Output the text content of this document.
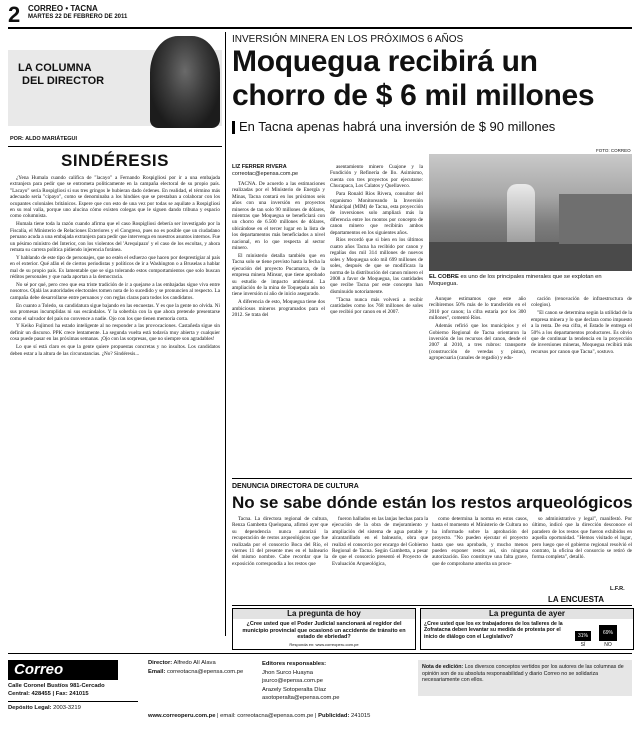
2 CORREO • TACNA
MARTES 22 DE FEBRERO DE 2011
LA COLUMNA
DEL DIRECTOR
POR: ALDO MARIÁTEGUI
SINDÉRESIS

¿Yena Humala cuando califica de "lacayo" a Fernando Rospigliosi por ir a una embajada extranjera para pedir que se entrometa políticamente en la campaña electoral de su propio país. "Lacayo" sería Rospigliosi si sus tres gringos le hubieran dado órdenes. En realidad, el término más adecuado sería "cipayo", como se denominaba a los hindúes que se prestaban a colaborar con los ocupantes coloniales británicos. Espere que con esto de una vez por todas se aquilate a Rospigliosi en su real valía, porque uno alucina cómo existen colegas que le siguen dando tribuna y espacio como columnista.

Humala tiene toda la razón cuando afirma que el caso Rospigliosi debería ser investigado por la Fiscalía, el Ministerio de Relaciones Exteriores y el Congreso, pues no es posible que un ciudadano peruano acuda a una embajada extranjera para pedir que intervenga en nuestros asuntos internos. Fue un pésimo ministro del Interior, con los violentos del 'Arequipazo' y el caso de los escoltas, y ahora remata su carrera política pidiendo injerencia foránea.

Y hablando de este tipo de personajes, que no estén el esfuerzo que hacen por desprestigiar al país en el exterior. Qué afán el de ciertos periodistas y políticos de ir a Washington o a Bruselas a hablar mal de su propio país. Es lamentable que se siga tolerando estos comportamientos que solo buscan réditos personales y que nada aportan a la democracia.

No sé por qué, pero creo que esa triste tradición de ir a quejarse a las embajadas sigue viva entre nosotros. Ojalá las autoridades electorales tomen nota de lo sucedido y se pronuncien al respecto. La campaña debe desarrollarse entre peruanos y con reglas claras para todos los candidatos.

En cuanto a Toledo, su candidatura sigue bajando en las encuestas. Y es que la gente no olvida. Ni sus promesas incumplidas ni sus escándalos. Y la soberbia con la que ahora pretende presentarse como el salvador del país no convence a nadie. Ojo con los que tienen memoria corta.

Y Keiko Fujimori ha estado inteligente al no responder a las provocaciones. Castañeda sigue sin definir un discurso. PPK crece lentamente. La segunda vuelta está todavía muy abierta y cualquier cosa puede pasar en las próximas semanas. ¡Ojo con las sorpresas, que no siempre son agradables!

Lo que sí está claro es que la gente quiere propuestas concretas y no insultos. Los candidatos deben estar a la altura de las circunstancias. ¿No? Sindéresis...

INVERSIÓN MINERA EN LOS PRÓXIMOS 6 AÑOS
Moquegua recibirá un
chorro de $ 6 mil millones
En Tacna apenas habrá una inversión de $ 90 millones
LIZ FERRER RIVERA
correotac@epensa.com.pe

TACNA. De acuerdo a las estimaciones realizadas por el Ministerio de Energía y Minas, Tacna contará en los próximos seis años con una inversión en proyectos mineros de tan solo 90 millones de dólares, mientras que Moquegua se beneficiará con un chorro de 6.500 millones de dólares, ubicándose en el tercer lugar en la lista de los departamentos más beneficiados a nivel nacional, en lo que respecta al sector minero.

El ministerio detalla también que en Tacna solo se tiene previsto hasta la fecha la ejecución del proyecto Pucamarca, de la empresa minera Minsur, que tiene aprobado su estudio de impacto ambiental. La ampliación de la mina de Toquepala aún no tiene inversión ni año de inicio asegurado.

A diferencia de esto, Moquegua tiene dos ambiciosos mineros programados para el 2012. Se trata del

asentamiento minero Cuajone y la Fundición y Refinería de Ilo. Asimismo, cuenta con tres proyectos por ejecutarse: Chucapaca, Los Calatos y Quellaveco.

Para Ronald Ríos Rivera, consultor del organismo Monitoreando la Inversión Municipal (MIM) de Tacna, esta proyección de inversiones solo ampliará más la diferencia entre los montos por concepto de canon minero que recibirán ambos departamentos en los siguientes años.

Ríos recordó que si bien en los últimos cuatro años Tacna ha recibido por canon y regalías dos mil 314 millones de nuevos soles y Moquegua solo mil 699 millones de soles, después de que se modificara la norma de la distribución del canon minero el 2008 a favor de Moquegua, las cantidades que recibe Tacna por este concepto han disminuido notoriamente.

"Tacna nunca más volverá a recibir cantidades como los 768 millones de soles que recibió por canon en el 2007.

FOTO: CORREO
EL COBRE es uno de los principales minerales que se explotan en Moquegua.

Aunque estimamos que este año recibiremos 50% más de lo transferido en el 2010 por canon; la cifra estaría por los 300 millones", comentó Ríos.

Además refirió que los municipios y el Gobierno Regional de Tacna orientaron la inversión de los recursos del canon, desde el 2007 al 2010, a tres rubros: transporte (construcción de veredas y pistas), agropecuaria (canales de regadío) y edu-

cación (renovación de infraestructura de colegios).

"El canon se determina según la utilidad de la empresa minera y lo que declara como impuesto a la renta. De esa cifra, el Estado le entrega el 50% a los departamentos productores. Es obvio que de continuar la tendencia en la proyección de inversiones mineras, Moquegua recibirá más recursos por canon que Tacna", sostuvo.

DENUNCIA DIRECTORA DE CULTURA
No se sabe dónde están los restos arqueológicos

Tacna. La directora regional de cultura, Renza Gambetta Quelopana, afirmó ayer que su dependencia nunca autorizó la recuperación de restos arqueológicos que fue realizada por el consorcio Boca del Río, el viernes 11 del presente mes en el balneario del mismo nombre. Cabe recordar que la exposición correspondía a los restos que

fueron hallados en las lanjas hechas para la ejecución de la obra de mejoramiento y ampliación del sistema de agua potable y alcantarillado en el balneario, obra que realizó el consorcio por encargo del Gobierno Regional de Tacna. Según Gambetta, a pesar de que el consorcio presentó el Proyecto de Evaluación Arqueológica,

como determina la norma en estos casos, hasta el momento el Ministerio de Cultura no ha informado sobre la aprobación del proyecto. "No pueden ejecutar el proyecto hasta que sea aprobado, y mucho menos pueden exponer restos así, sin ninguna autorización. Eso constituye una falta grave, que de comprobarse amerita un proce-

so administrativo y legal", manifestó. Por último, indicó que la dirección desconoce el paradero de los restos que fueron exhibidos en aquella oportunidad. "Hemos visitado el lugar, pero luego que el gobierno regional resolvió el contrato, la oficina del consorcio se retiró de forma completa", detalló.

L.F.R.
LA ENCUESTA
La pregunta de hoy
¿Cree usted que el Poder Judicial sancionará al regidor del municipio provincial que ocasionó un accidente de tránsito en estado de ebriedad?
Responda en: www.correoperu.com.pe
La pregunta de ayer
¿Cree usted que los ex trabajadores de los talleres de la Zofratacna deben levantar su medida de protesta por el inicio de diálogo con el Legislativo?	31%
SÍ
69%
NO
Correo
Calle Coronel Bustíos 981-Cercado
Central: 428455 | Fax: 241015
Depósito Legal: 2003-3219
Director: Alfredo Alí Alava
Email: correotacna@epensa.com.pe
Editores responsables:
Jhon Surco Huayna
jsurco@epensa.com.pe
Arazely Sotoperalta Díaz
asotoperalta@epensa.com.pe
Nota de edición: Los diversos conceptos vertidos por los autores de las columnas de opinión son de su absoluta responsabilidad y diario Correo no se solidariza necesariamente con ellos.
www.correoperu.com.pe | email: correotacna@epensa.com.pe | Publicidad: 241015
